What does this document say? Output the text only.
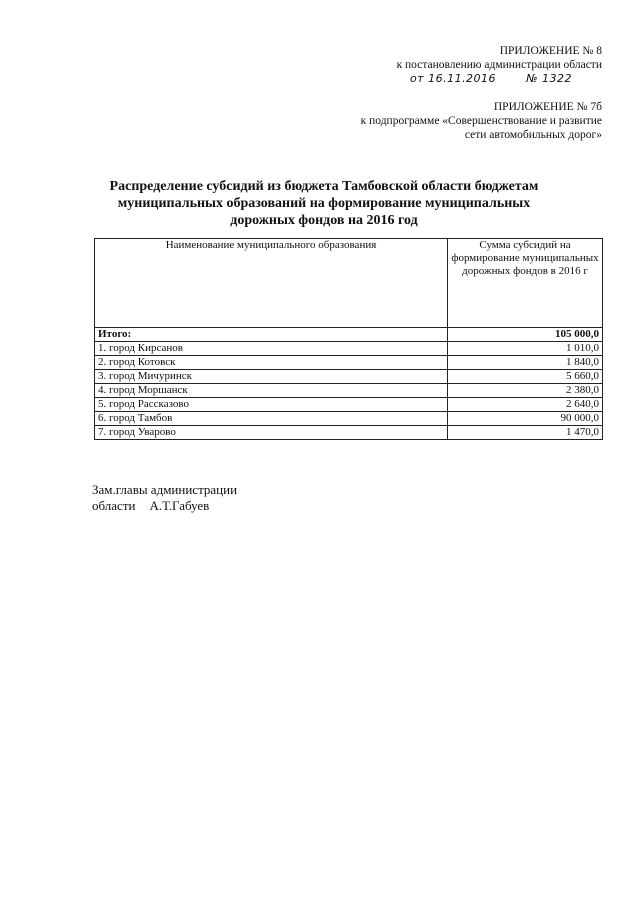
ПРИЛОЖЕНИЕ № 8
к постановлению администрации области
от 16.11.2016	№ 1322
ПРИЛОЖЕНИЕ № 7б
к подпрограмме «Совершенствование и развитие
сети автомобильных дорог»
Распределение субсидий из бюджета Тамбовской области бюджетам муниципальных образований на формирование муниципальных дорожных фондов на 2016 год
Наименование муниципального образования	Сумма субсидий на формирование муниципальных дорожных фондов в 2016 г
Итого:	105 000,0
1. город Кирсанов	1 010,0
2. город Котовск	1 840,0
3. город Мичуринск	5 660,0
4. город Моршанск	2 380,0
5. город Рассказово	2 640,0
6. город Тамбов	90 000,0
7. город Уварово	1 470,0
Зам.главы администрации
области А.Т.Габуев
